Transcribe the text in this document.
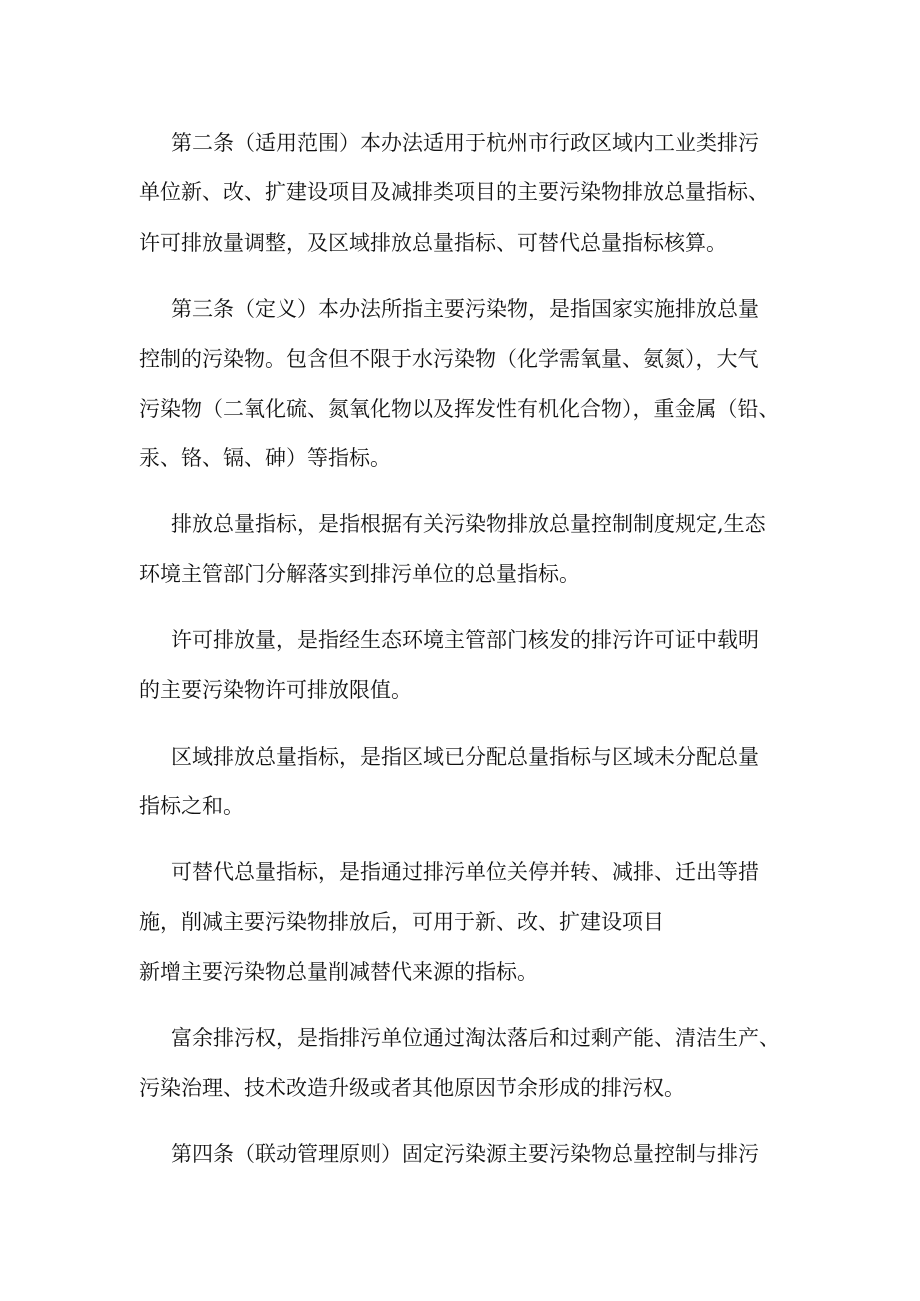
第二条（适用范围）本办法适用于杭州市行政区域内工业类排污
单位新、改、扩建设项目及减排类项目的主要污染物排放总量指标、
许可排放量调整，及区域排放总量指标、可替代总量指标核算。
第三条（定义）本办法所指主要污染物，是指国家实施排放总量
控制的污染物。包含但不限于水污染物（化学需氧量、氨氮），大气
污染物（二氧化硫、氮氧化物以及挥发性有机化合物），重金属（铅、
汞、铬、镉、砷）等指标。
排放总量指标，是指根据有关污染物排放总量控制制度规定,生态
环境主管部门分解落实到排污单位的总量指标。
许可排放量，是指经生态环境主管部门核发的排污许可证中载明
的主要污染物许可排放限值。
区域排放总量指标，是指区域已分配总量指标与区域未分配总量
指标之和。
可替代总量指标，是指通过排污单位关停并转、减排、迁出等措
施，削减主要污染物排放后，可用于新、改、扩建设项目
新增主要污染物总量削减替代来源的指标。
富余排污权，是指排污单位通过淘汰落后和过剩产能、清洁生产、
污染治理、技术改造升级或者其他原因节余形成的排污权。
第四条（联动管理原则）固定污染源主要污染物总量控制与排污
